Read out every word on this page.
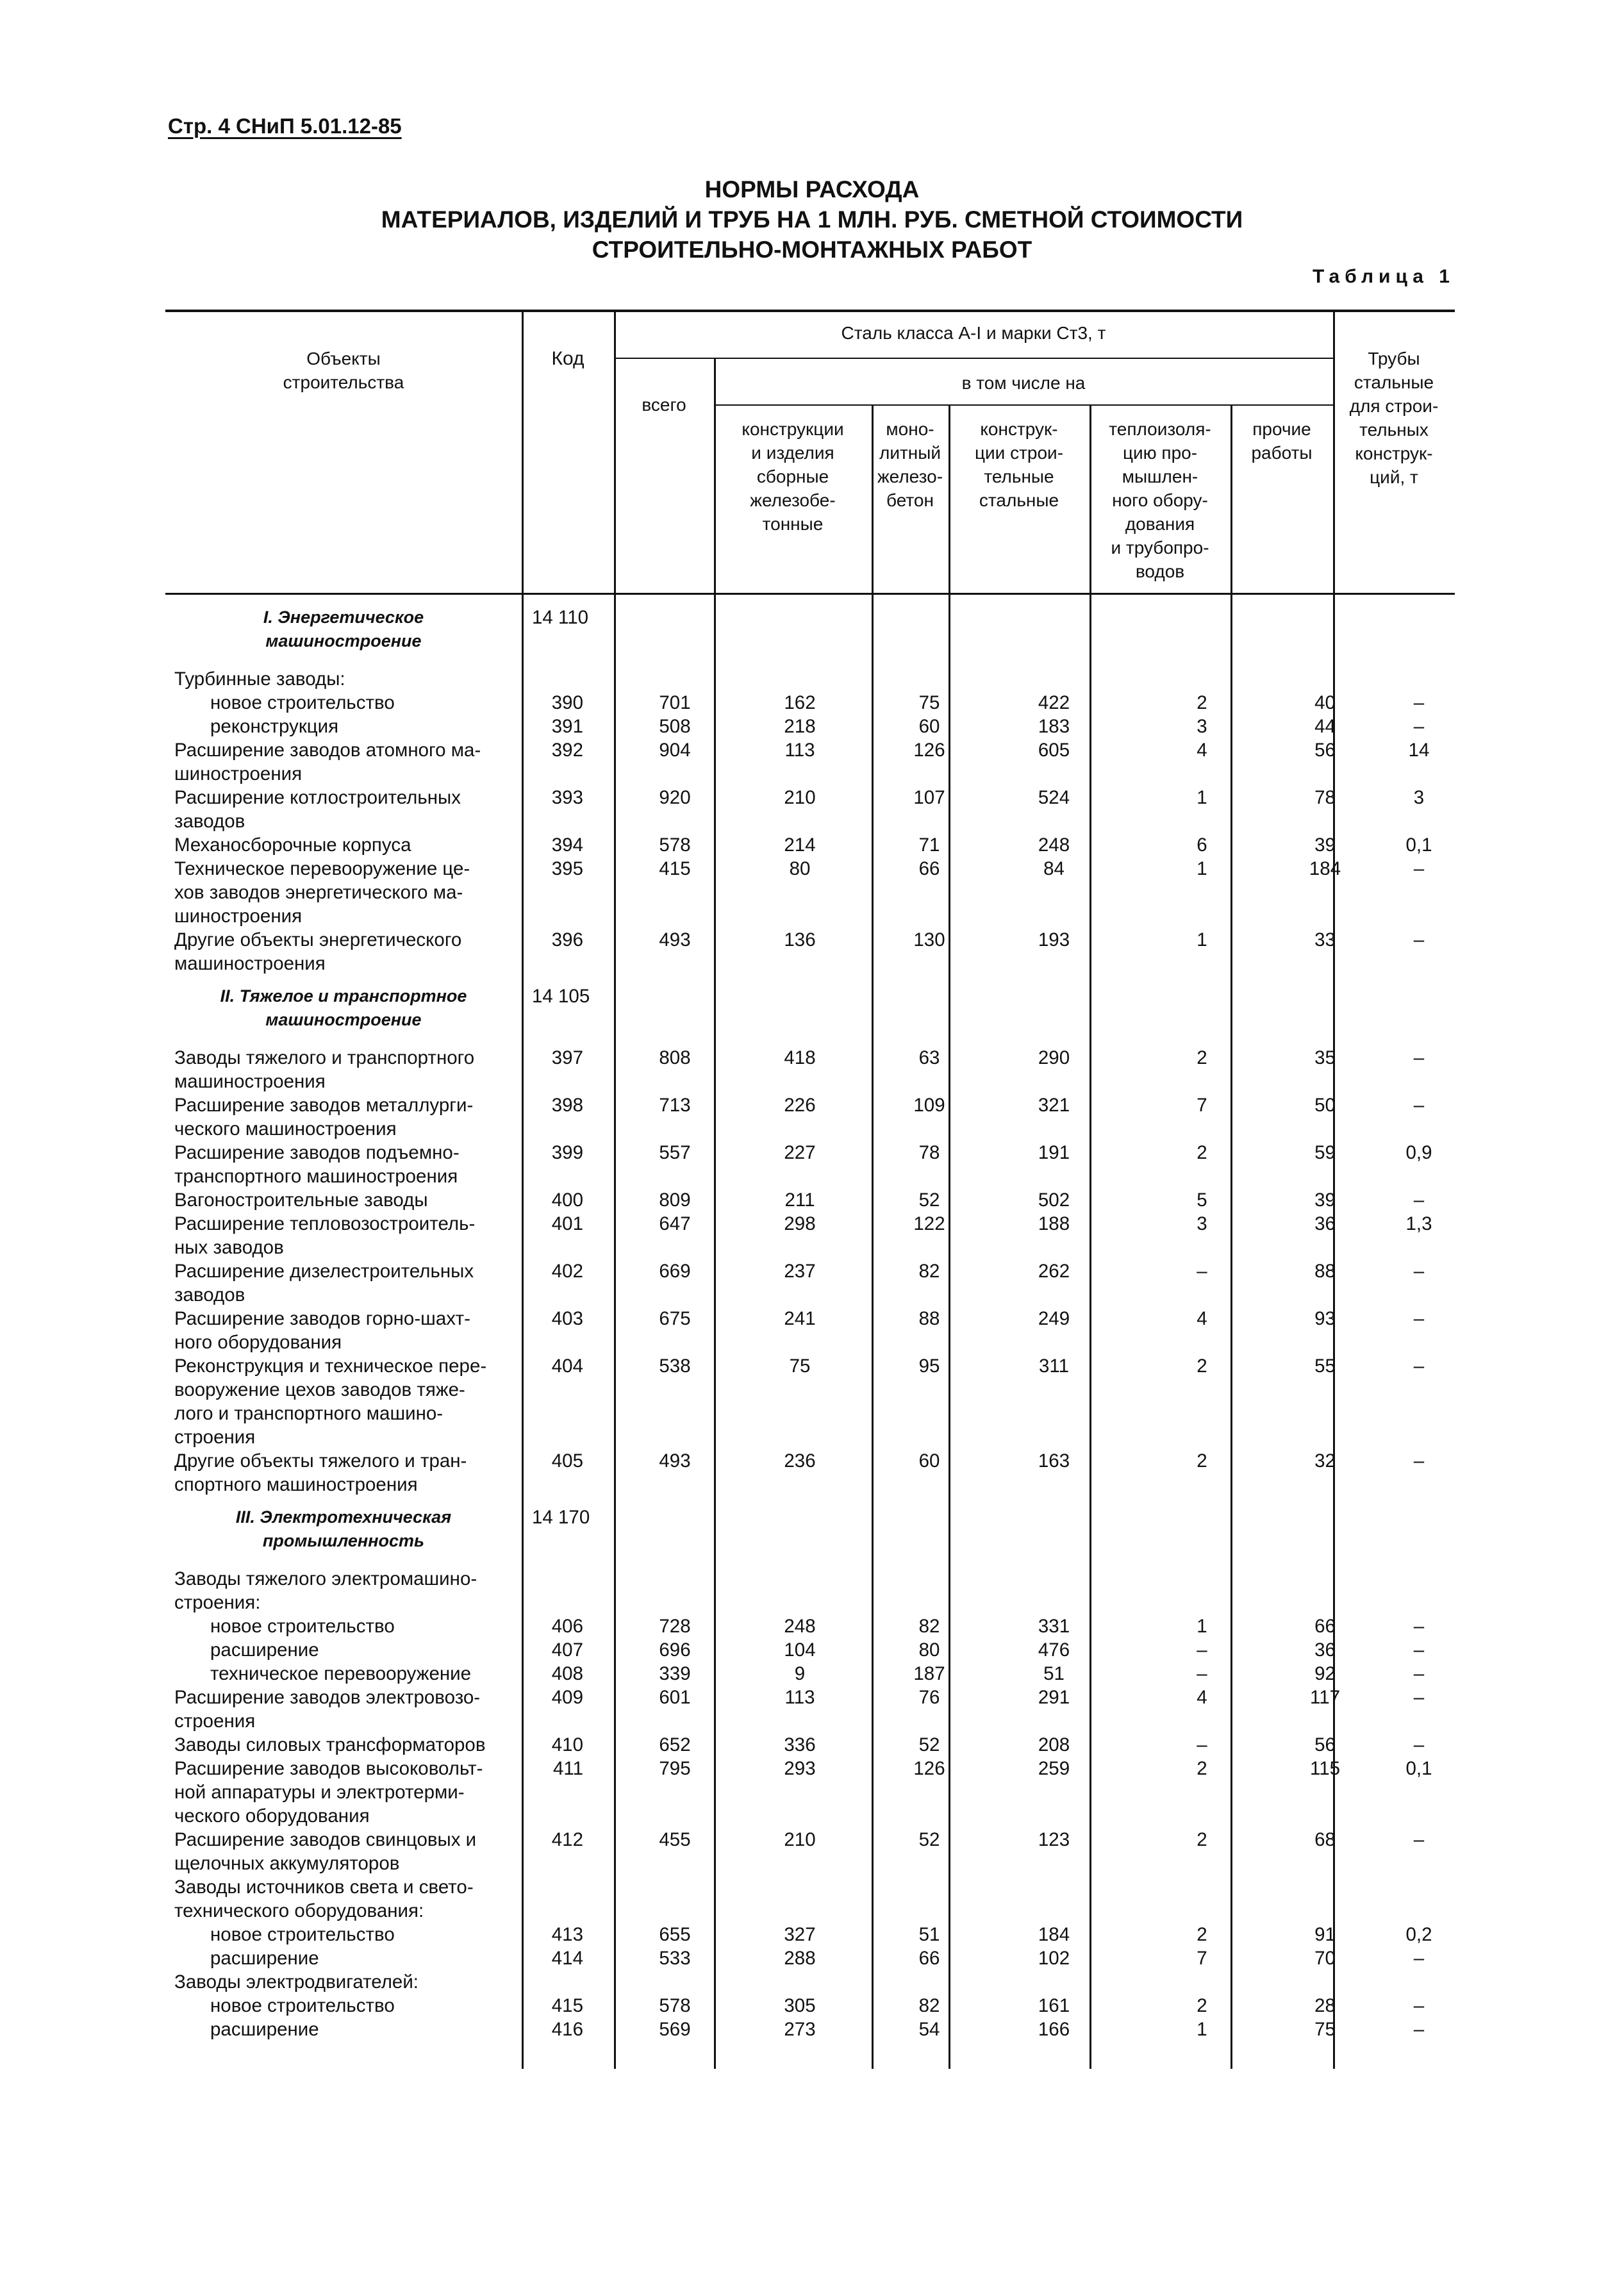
Стр. 4 СНиП 5.01.12-85
НОРМЫ РАСХОДА
МАТЕРИАЛОВ, ИЗДЕЛИЙ И ТРУБ НА 1 МЛН. РУБ. СМЕТНОЙ СТОИМОСТИ
СТРОИТЕЛЬНО-МОНТАЖНЫХ РАБОТ
Таблица 1
Объекты
строительства
Код
Сталь класса А-I и марки Ст3, т
всего
в том числе на
конструкции
и изделия
сборные
железобе-
тонные
моно-
литный
железо-
бетон
конструк-
ции строи-
тельные
стальные
теплоизоля-
цию про-
мышлен-
ного обору-
дования
и трубопро-
водов
прочие
работы
Трубы
стальные
для строи-
тельных
конструк-
ций, т
I. Энергетическое
машиностроение
14 110
Турбинные заводы:
новое строительство	390	701	162	75	422	2	40	–
реконструкция	391	508	218	60	183	3	44	–
Расширение заводов атомного ма-
шиностроения
392	904	113	126	605	4	56	14
Расширение котлостроительных
заводов
393	920	210	107	524	1	78	3
Механосборочные корпуса	394	578	214	71	248	6	39	0,1
Техническое перевооружение це-
хов заводов энергетического ма-
шиностроения
395	415	80	66	84	1	184	–
Другие объекты энергетического
машиностроения
396	493	136	130	193	1	33	–
II. Тяжелое и транспортное
машиностроение
14 105
Заводы тяжелого и транспортного
машиностроения
397	808	418	63	290	2	35	–
Расширение заводов металлурги-
ческого машиностроения
398	713	226	109	321	7	50	–
Расширение заводов подъемно-
транспортного машиностроения
399	557	227	78	191	2	59	0,9
Вагоностроительные заводы	400	809	211	52	502	5	39	–
Расширение тепловозостроитель-
ных заводов
401	647	298	122	188	3	36	1,3
Расширение дизелестроительных
заводов
402	669	237	82	262	–	88	–
Расширение заводов горно-шахт-
ного оборудования
403	675	241	88	249	4	93	–
Реконструкция и техническое пере-
вооружение цехов заводов тяже-
лого и транспортного машино-
строения
404	538	75	95	311	2	55	–
Другие объекты тяжелого и тран-
спортного машиностроения
405	493	236	60	163	2	32	–
III. Электротехническая
промышленность
14 170
Заводы тяжелого электромашино-
строения:
новое строительство	406	728	248	82	331	1	66	–
расширение	407	696	104	80	476	–	36	–
техническое перевооружение	408	339	9	187	51	–	92	–
Расширение заводов электровозо-
строения
409	601	113	76	291	4	117	–
Заводы силовых трансформаторов	410	652	336	52	208	–	56	–
Расширение заводов высоковольт-
ной аппаратуры и электротерми-
ческого оборудования
411	795	293	126	259	2	115	0,1
Расширение заводов свинцовых и
щелочных аккумуляторов
412	455	210	52	123	2	68	–
Заводы источников света и свето-
технического оборудования:
новое строительство	413	655	327	51	184	2	91	0,2
расширение	414	533	288	66	102	7	70	–
Заводы электродвигателей:
новое строительство	415	578	305	82	161	2	28	–
расширение	416	569	273	54	166	1	75	–
